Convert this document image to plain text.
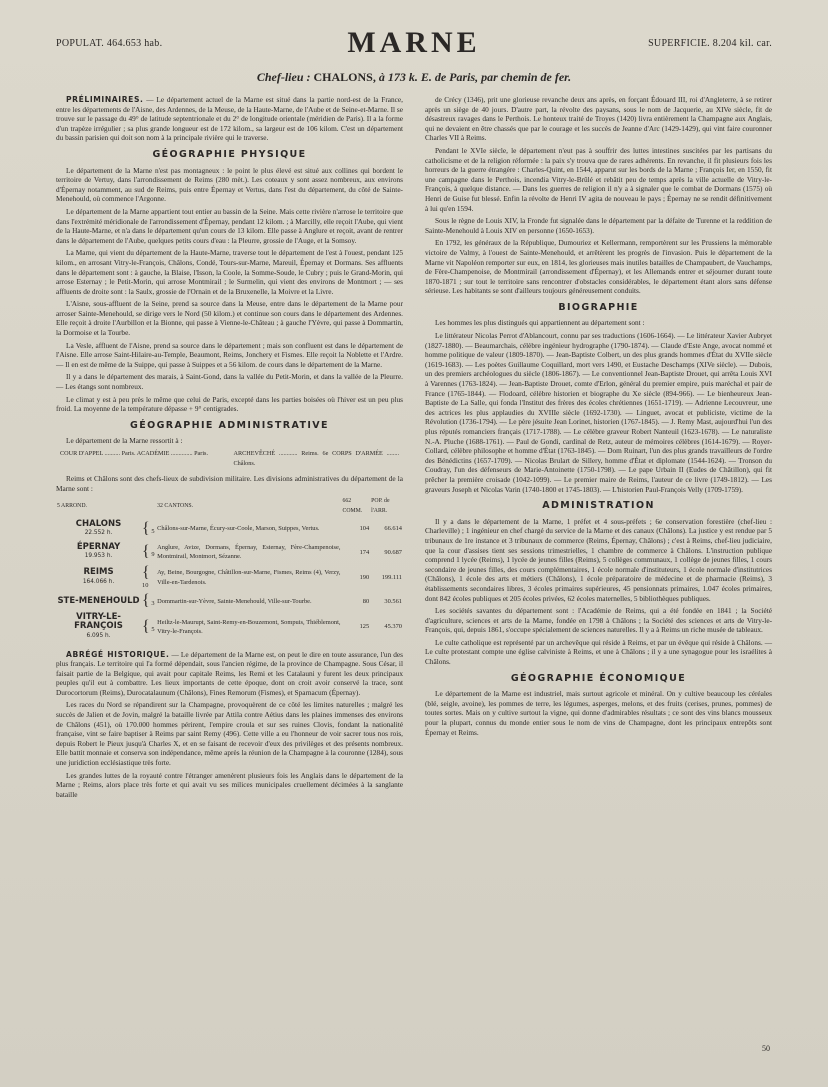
POPULAT. 464.653 hab.	MARNE	SUPERFICIE. 8.204 kil. car.
Chef-lieu : CHALONS, à 173 k. E. de Paris, par chemin de fer.

PRÉLIMINAIRES. — Le département actuel de la Marne est situé dans la partie nord-est de la France, entre les départements de l'Aisne, des Ardennes, de la Meuse, de la Haute-Marne, de l'Aube et de Seine-et-Marne. Il se trouve sur le passage du 49° de latitude septentrionale et du 2° de longitude orientale (méridien de Paris). Il a la forme d'un trapèze irrégulier ; sa plus grande longueur est de 172 kilom., sa largeur est de 106 kilom. C'est un département du bassin parisien qui doit son nom à la principale rivière qui le traverse.

GÉOGRAPHIE PHYSIQUE

Le département de la Marne n'est pas montagneux : le point le plus élevé est situé aux collines qui bordent le territoire de Vertuy, dans l'arrondissement de Reims (280 mèt.). Les coteaux y sont assez nombreux, aux environs d'Épernay notamment, au sud de Reims, puis entre Épernay et Vertus, dans l'est du département, du côté de Sainte-Menehould, où commence l'Argonne.

Le département de la Marne appartient tout entier au bassin de la Seine. Mais cette rivière n'arrose le territoire que dans l'extrémité méridionale de l'arrondissement d'Épernay, pendant 12 kilom. ; à Marcilly, elle reçoit l'Aube, qui vient de la Haute-Marne, et n'a dans le département qu'un cours de 13 kilom. Elle passe à Anglure et reçoit, avant de rentrer dans le département de l'Aube, quelques petits cours d'eau : la Pleurre, grossie de l'Auge, et la Somsoy.

La Marne, qui vient du département de la Haute-Marne, traverse tout le département de l'est à l'ouest, pendant 125 kilom., en arrosant Vitry-le-François, Châlons, Condé, Tours-sur-Marne, Mareuil, Épernay et Dormans. Ses affluents dans le département sont : à gauche, la Blaise, l'Isson, la Coole, la Somme-Soude, le Cubry ; puis le Grand-Morin, qui arrose Esternay ; le Petit-Morin, qui arrose Montmirail ; le Surmelin, qui vient des environs de Montmort ; — ses affluents de droite sont : la Saulx, grossie de l'Ornain et de la Bruxenelle, la Moivre et la Livre.

L'Aisne, sous-affluent de la Seine, prend sa source dans la Meuse, entre dans le département de la Marne pour arroser Sainte-Menehould, se dirige vers le Nord (50 kilom.) et continue son cours dans le département des Ardennes. Elle reçoit à droite l'Aurbillon et la Bionne, qui passe à Vienne-le-Château ; à gauche l'Yèvre, qui passe à Dommartin, la Dormoise et la Tourbe.

La Vesle, affluent de l'Aisne, prend sa source dans le département ; mais son confluent est dans le département de l'Aisne. Elle arrose Saint-Hilaire-au-Temple, Beaumont, Reims, Jonchery et Fismes. Elle reçoit la Noblette et l'Ardre. — Il en est de même de la Suippe, qui passe à Suippes et a 56 kilom. de cours dans le département de la Marne.

Il y a dans le département des marais, à Saint-Gond, dans la vallée du Petit-Morin, et dans la vallée de la Pleurre. — Les étangs sont nombreux.

Le climat y est à peu près le même que celui de Paris, excepté dans les parties boisées où l'hiver est un peu plus froid. La moyenne de la température dépasse + 9° centigrades.

GÉOGRAPHIE ADMINISTRATIVE

Le département de la Marne ressortit à :

COUR D'APPEL .......... Paris. ACADÉMIE .............. Paris.	ARCHEVÊCHÉ ............ Reims. 6e CORPS D'ARMÉE ........ Châlons.

Reims et Châlons sont des chefs-lieux de subdivision militaire. Les divisions administratives du département de la Marne sont :

5 ARROND.		32 CANTONS.	662 COMM.	POP. de l'ARR.
CHALONS
22.552 h.	{ 5	Châlons-sur-Marne, Écury-sur-Coole, Marson, Suippes, Vertus.	104	66.614
ÉPERNAY
19.953 h.	{ 9	Anglure, Avize, Dormans, Épernay, Esternay, Fère-Champenoise, Montmirail, Montmort, Sézanne.	174	90.687
REIMS
164.066 h.	{ 10	Ay, Beine, Bourgogne, Châtillon-sur-Marne, Fismes, Reims (4), Verzy, Ville-en-Tardenois.	190	199.111
STE-MENEHOULD	{ 3	Dommartin-sur-Yèvre, Sainte-Menehould, Ville-sur-Tourbe.	80	30.561
VITRY-LE-FRANÇOIS
6.095 h.	{ 5	Heiltz-le-Maurupt, Saint-Remy-en-Bouzemont, Sompuis, Thiéblemont, Vitry-le-François.	125	45.370

ABRÉGÉ HISTORIQUE. — Le département de la Marne est, on peut le dire en toute assurance, l'un des plus français. Le territoire qui l'a formé dépendait, sous l'ancien régime, de la province de Champagne. Sous César, il faisait partie de la Belgique, qui avait pour capitale Reims, les Remi et les Catalauni y furent les deux principaux peuples qu'il eut à combattre. Les lieux importants de cette époque, dont on croit avoir conservé la trace, sont Durocortorum (Reims), Durocatalaunum (Châlons), Fines Remorum (Fismes), et Sparnacum (Épernay).

Les races du Nord se répandirent sur la Champagne, provoquèrent de ce côté les limites naturelles ; malgré les succès de Jalien et de Jovin, malgré la bataille livrée par Attila contre Aétius dans les plaines immenses des environs de Châlons (451), où 170.000 hommes périrent, l'empire croula et sur ses ruines Clovis, fondant la nationalité française, vint se faire baptiser à Reims par saint Remy (496). Cette ville a eu l'honneur de voir sacrer tous nos rois, depuis Robert le Pieux jusqu'à Charles X, et en se faisant de recevoir d'eux des privilèges et des présents nombreux. Elle battit monnaie et conserva son indépendance, même après la réunion de la Champagne à la couronne (1284), sous une juridiction ecclésiastique très forte.

Les grandes luttes de la royauté contre l'étranger amenèrent plusieurs fois les Anglais dans le département de la Marne ; Reims, alors place très forte et qui avait vu ses milices municipales cruellement décimées à la sanglante bataille

de Crécy (1346), prit une glorieuse revanche deux ans après, en forçant Édouard III, roi d'Angleterre, à se retirer après un siège de 40 jours. D'autre part, la révolte des paysans, sous le nom de Jacquerie, au XIVe siècle, fit de désastreux ravages dans le Perthois. Le honteux traité de Troyes (1420) livra entièrement la Champagne aux Anglais, qui ne devaient en être chassés que par le courage et les succès de Jeanne d'Arc (1429-1429), qui vint faire couronner Charles VII à Reims.

Pendant le XVIe siècle, le département n'eut pas à souffrir des luttes intestines suscitées par les partisans du catholicisme et de la religion réformée : la paix s'y trouva que de rares adhérents. En revanche, il fit plusieurs fois les horreurs de la guerre étrangère : Charles-Quint, en 1544, apparut sur les bords de la Marne ; François Ier, en 1550, fit une campagne dans le Perthois, incendia Vitry-le-Brûlé et rebâtit peu de temps après la ville actuelle de Vitry-le-François, à quelque distance. — Dans les guerres de religion il n'y a à signaler que le combat de Dormans (1575) où Henri de Guise fut blessé. Enfin la révolte de Henri IV agita de nouveau le pays ; Épernay ne se rendit définitivement à lui qu'en 1594.

Sous le règne de Louis XIV, la Fronde fut signalée dans le département par la défaite de Turenne et la reddition de Sainte-Menehould à Louis XIV en personne (1650-1653).

En 1792, les généraux de la République, Dumouriez et Kellermann, remportèrent sur les Prussiens la mémorable victoire de Valmy, à l'ouest de Sainte-Menehould, et arrêtèrent les progrès de l'invasion. Puis le département de la Marne vit Napoléon remporter sur eux, en 1814, les glorieuses mais inutiles batailles de Champaubert, de Vauchamps, de Fère-Champenoise, de Montmirail (arrondissement d'Épernay), et les Allemands entrer et séjourner durant toute 1870-1871 ; sur tout le territoire sans rencontrer d'obstacles considérables, le département étant alors sans défense sérieuse. Les habitants se sont d'ailleurs toujours généreusement conduits.

BIOGRAPHIE

Les hommes les plus distingués qui appartiennent au département sont :

Le littérateur Nicolas Perrot d'Ablancourt, connu par ses traductions (1606-1664). — Le littérateur Xavier Aubryet (1827-1880). — Beaumarchais, célèbre ingénieur hydrographe (1790-1874). — Claude d'Este Ange, avocat nommé et homme politique de valeur (1809-1870). — Jean-Baptiste Colbert, un des plus grands hommes d'État du XVIIe siècle (1619-1683). — Les poètes Guillaume Coquillard, mort vers 1490, et Eustache Deschamps (XIVe siècle). — Dubois, un des premiers archéologues du siècle (1806-1867). — Le conventionnel Jean-Baptiste Drouet, qui arrêta Louis XVI à Varennes (1763-1824). — Jean-Baptiste Drouet, comte d'Erlon, général du premier empire, puis maréchal et pair de France (1765-1844). — Flodoard, célèbre historien et biographe du Xe siècle (894-966). — Le bienheureux Jean-Baptiste de La Salle, qui fonda l'Institut des frères des écoles chrétiennes (1651-1719). — Adrienne Lecouvreur, une des actrices les plus applaudies du XVIIIe siècle (1692-1730). — Linguet, avocat et publiciste, victime de la Révolution (1736-1794). — Le père jésuite Jean Lorinet, historien (1767-1845). — J. Remy Mast, aujourd'hui l'un des plus réputés romanciers français (1717-1788). — Le célèbre graveur Robert Nanteuil (1623-1678). — Le naturaliste N.-A. Pluche (1688-1761). — Paul de Gondi, cardinal de Retz, auteur de mémoires célèbres (1614-1679). — Royer-Collard, célèbre philosophe et homme d'État (1763-1845). — Dom Ruinart, l'un des plus grands travailleurs de l'ordre des Bénédictins (1657-1709). — Nicolas Brulart de Sillery, homme d'État et diplomate (1544-1624). — Tronson du Coudray, l'un des défenseurs de Marie-Antoinette (1750-1798). — Le pape Urbain II (Eudes de Châtillon), qui fit prêcher la première croisade (1042-1099). — Le premier maire de Reims, l'auteur de ce livre (1749-1812). — Les graveurs Joseph et Nicolas Varin (1740-1800 et 1745-1803). — L'historien Paul-François Velly (1709-1759).

ADMINISTRATION

Il y a dans le département de la Marne, 1 préfet et 4 sous-préfets ; 6e conservation forestière (chef-lieu : Charleville) ; 1 ingénieur en chef chargé du service de la Marne et des canaux (Châlons). La justice y est rendue par 5 tribunaux de 1re instance et 3 tribunaux de commerce (Reims, Épernay, Châlons) ; c'est à Reims, chef-lieu judiciaire, que la cour d'assises tient ses sessions trimestrielles, 1 chambre de commerce à Châlons. L'instruction publique comprend 1 lycée (Reims), 1 lycée de jeunes filles (Reims), 5 collèges communaux, 1 collège de jeunes filles, 1 cours secondaire de jeunes filles, des cours complémentaires, 1 école normale d'instituteurs, 1 école normale d'institutrices (Châlons), 1 école des arts et métiers (Châlons), 1 école préparatoire de médecine et de pharmacie (Reims), 3 établissements secondaires libres, 3 écoles primaires supérieures, 45 pensionnats primaires, 1.047 écoles primaires, dont 842 écoles publiques et 205 écoles privées, 62 écoles maternelles, 5 bibliothèques publiques.

Les sociétés savantes du département sont : l'Académie de Reims, qui a été fondée en 1841 ; la Société d'agriculture, sciences et arts de la Marne, fondée en 1798 à Châlons ; la Société des sciences et arts de Vitry-le-François, qui, depuis 1861, s'occupe spécialement de sciences naturelles. Il y a à Reims un riche musée de tableaux.

Le culte catholique est représenté par un archevêque qui réside à Reims, et par un évêque qui réside à Châlons. — Le culte protestant compte une église calviniste à Reims, et une à Châlons ; il y a une synagogue pour les israélites à Châlons.

GÉOGRAPHIE ÉCONOMIQUE

Le département de la Marne est industriel, mais surtout agricole et minéral. On y cultive beaucoup les céréales (blé, seigle, avoine), les pommes de terre, les légumes, asperges, melons, et des fruits (cerises, prunes, pommes) de toutes sortes. Mais on y cultive surtout la vigne, qui donne d'admirables résultats ; ce sont des vins blancs mousseux pour la plupart, connus du monde entier sous le nom de vins de Champagne, dont les principaux entrepôts sont Épernay et Reims.

50
